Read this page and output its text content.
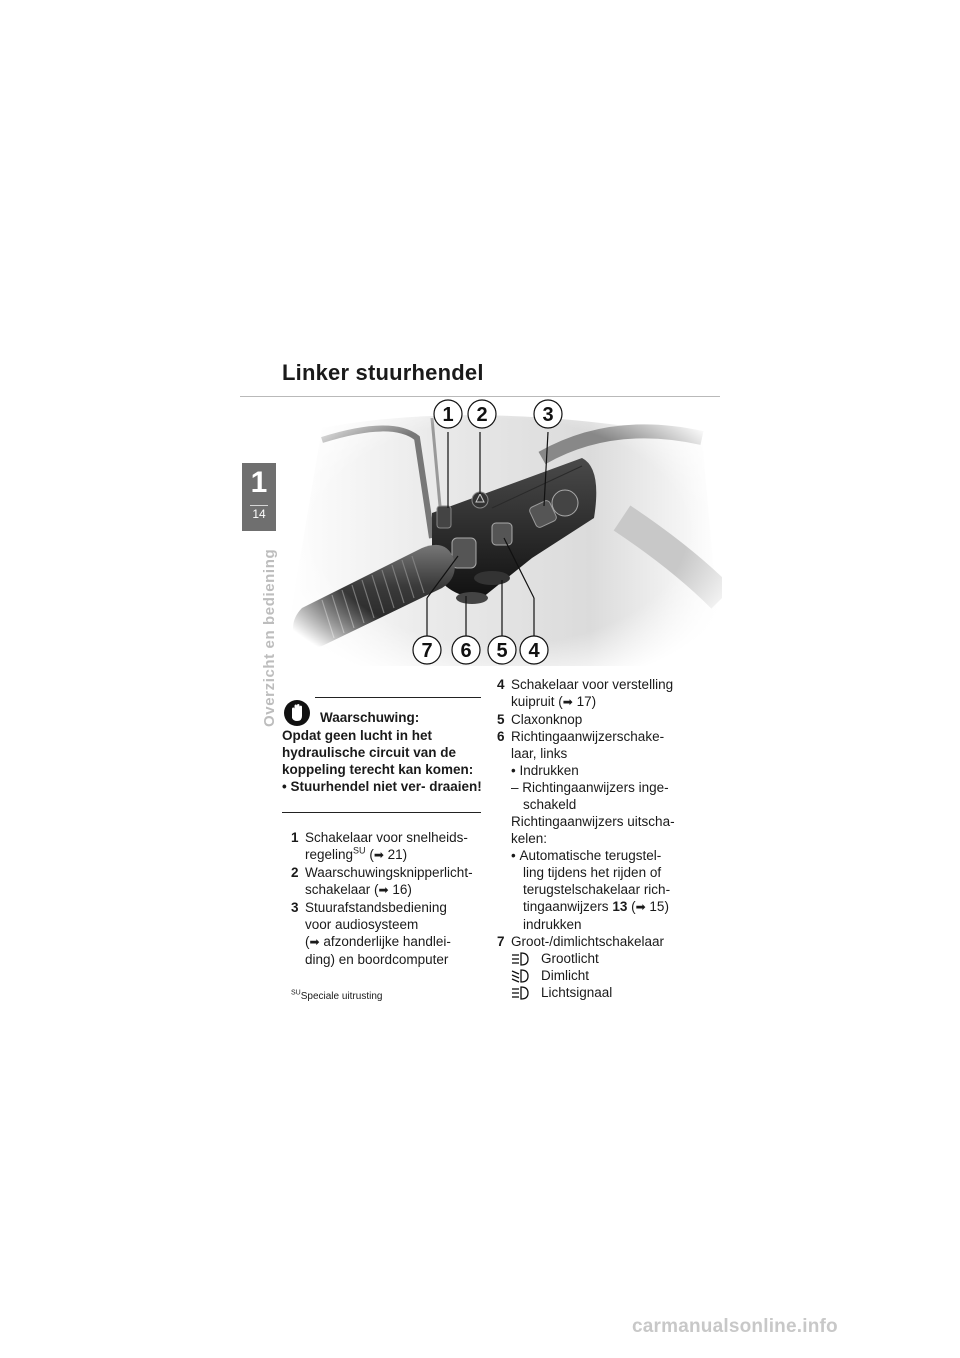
Linker stuurhendel
1
14
Overzicht en bediening
1 2	3
7 6 5 4
Waarschuwing:
Opdat geen lucht in het hydraulische circuit van de koppeling terecht kan komen:
• Stuurhendel niet ver- draaien!
1 Schakelaar voor snelheids-
regeling$^{SU}$ (➡ 21)
2 Waarschuwingsknipperlicht-
schakelaar (➡ 16)
3 Stuurafstandsbediening
voor audiosysteem
(➡ afzonderlijke handlei-
ding) en boordcomputer
$^{SU}$Speciale uitrusting
4 Schakelaar voor verstelling
kuipruit (➡ 17)
5 Claxonknop
6 Richtingaanwijzerschake-
laar, links
• Indrukken
– Richtingaanwijzers inge-
schakeld
Richtingaanwijzers uitscha-
kelen:
• Automatische terugstel-
ling tijdens het rijden of
terugstelschakelaar rich-
tingaanwijzers 13 (➡ 15)
indrukken
7 Groot-/dimlichtschakelaar
Grootlicht
Dimlicht
Lichtsignaal
carmanualsonline.info
